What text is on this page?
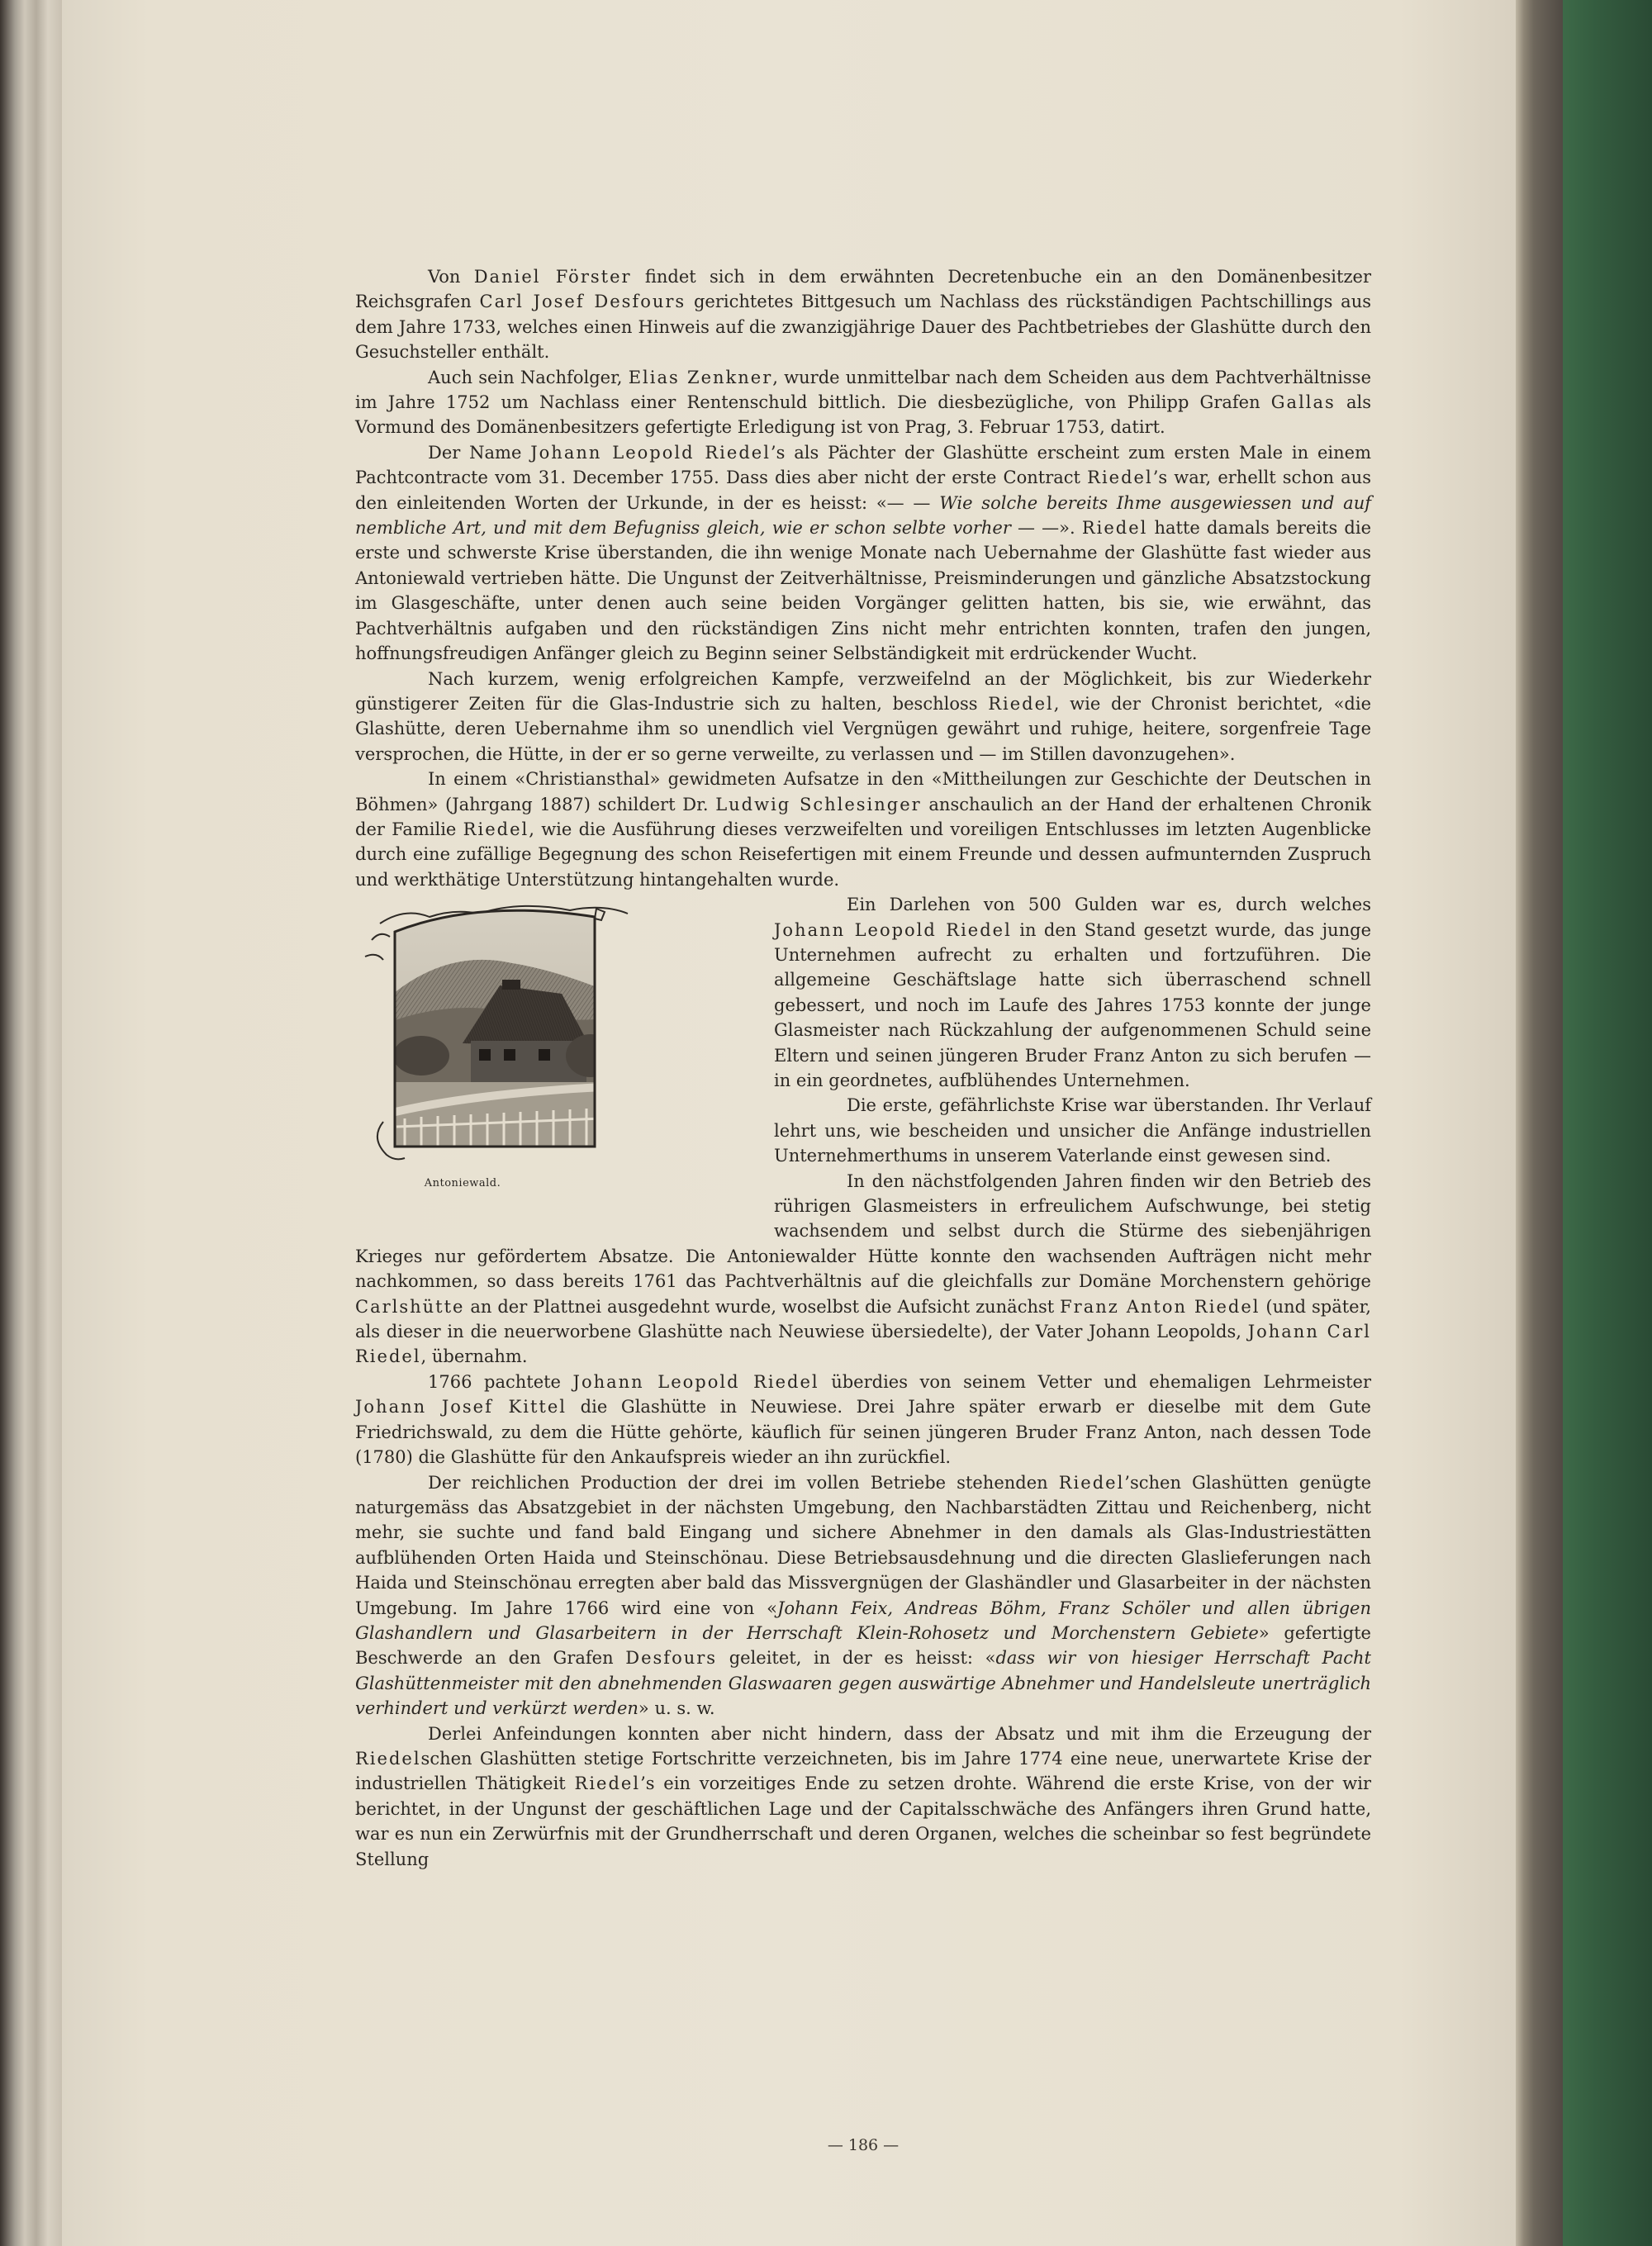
Von Daniel Förster findet sich in dem erwähnten Decretenbuche ein an den Domänenbesitzer Reichsgrafen Carl Josef Desfours gerichtetes Bittgesuch um Nachlass des rückständigen Pachtschillings aus dem Jahre 1733, welches einen Hinweis auf die zwanzigjährige Dauer des Pachtbetriebes der Glashütte durch den Gesuchsteller enthält.

Auch sein Nachfolger, Elias Zenkner, wurde unmittelbar nach dem Scheiden aus dem Pachtverhältnisse im Jahre 1752 um Nachlass einer Rentenschuld bittlich. Die diesbezügliche, von Philipp Grafen Gallas als Vormund des Domänenbesitzers gefertigte Erledigung ist von Prag, 3. Februar 1753, datirt.

Der Name Johann Leopold Riedel’s als Pächter der Glashütte erscheint zum ersten Male in einem Pachtcontracte vom 31. December 1755. Dass dies aber nicht der erste Contract Riedel’s war, erhellt schon aus den einleitenden Worten der Urkunde, in der es heisst: «— — Wie solche bereits Ihme ausgewiessen und auf nembliche Art, und mit dem Befugniss gleich, wie er schon selbte vorher — —». Riedel hatte damals bereits die erste und schwerste Krise überstanden, die ihn wenige Monate nach Uebernahme der Glashütte fast wieder aus Antoniewald vertrieben hätte. Die Ungunst der Zeitverhältnisse, Preisminderungen und gänzliche Absatzstockung im Glasgeschäfte, unter denen auch seine beiden Vorgänger gelitten hatten, bis sie, wie erwähnt, das Pachtverhältnis aufgaben und den rückständigen Zins nicht mehr entrichten konnten, trafen den jungen, hoffnungsfreudigen Anfänger gleich zu Beginn seiner Selbständigkeit mit erdrückender Wucht.

Nach kurzem, wenig erfolgreichen Kampfe, verzweifelnd an der Möglichkeit, bis zur Wiederkehr günstigerer Zeiten für die Glas-Industrie sich zu halten, beschloss Riedel, wie der Chronist berichtet, «die Glashütte, deren Uebernahme ihm so unendlich viel Vergnügen gewährt und ruhige, heitere, sorgenfreie Tage versprochen, die Hütte, in der er so gerne verweilte, zu verlassen und — im Stillen davonzugehen».

In einem «Christiansthal» gewidmeten Aufsatze in den «Mittheilungen zur Geschichte der Deutschen in Böhmen» (Jahrgang 1887) schildert Dr. Ludwig Schlesinger anschaulich an der Hand der erhaltenen Chronik der Familie Riedel, wie die Ausführung dieses verzweifelten und voreiligen Entschlusses im letzten Augenblicke durch eine zufällige Begegnung des schon Reisefertigen mit einem Freunde und dessen aufmunternden Zuspruch und werkthätige Unterstützung hintangehalten wurde.

Antoniewald.

Ein Darlehen von 500 Gulden war es, durch welches Johann Leopold Riedel in den Stand gesetzt wurde, das junge Unternehmen aufrecht zu erhalten und fortzuführen. Die allgemeine Geschäftslage hatte sich überraschend schnell gebessert, und noch im Laufe des Jahres 1753 konnte der junge Glasmeister nach Rückzahlung der aufgenommenen Schuld seine Eltern und seinen jüngeren Bruder Franz Anton zu sich berufen — in ein geordnetes, aufblühendes Unternehmen.

Die erste, gefährlichste Krise war überstanden. Ihr Verlauf lehrt uns, wie bescheiden und unsicher die Anfänge industriellen Unternehmerthums in unserem Vaterlande einst gewesen sind.

In den nächstfolgenden Jahren finden wir den Betrieb des rührigen Glasmeisters in erfreulichem Aufschwunge, bei stetig wachsendem und selbst durch die Stürme des siebenjährigen Krieges nur gefördertem Absatze. Die Antoniewalder Hütte konnte den wachsenden Aufträgen nicht mehr nachkommen, so dass bereits 1761 das Pachtverhältnis auf die gleichfalls zur Domäne Morchenstern gehörige Carlshütte an der Plattnei ausgedehnt wurde, woselbst die Aufsicht zunächst Franz Anton Riedel (und später, als dieser in die neuerworbene Glashütte nach Neuwiese übersiedelte), der Vater Johann Leopolds, Johann Carl Riedel, übernahm.

1766 pachtete Johann Leopold Riedel überdies von seinem Vetter und ehemaligen Lehrmeister Johann Josef Kittel die Glashütte in Neuwiese. Drei Jahre später erwarb er dieselbe mit dem Gute Friedrichswald, zu dem die Hütte gehörte, käuflich für seinen jüngeren Bruder Franz Anton, nach dessen Tode (1780) die Glashütte für den Ankaufspreis wieder an ihn zurückfiel.

Der reichlichen Production der drei im vollen Betriebe stehenden Riedel’schen Glashütten genügte naturgemäss das Absatzgebiet in der nächsten Umgebung, den Nachbarstädten Zittau und Reichenberg, nicht mehr, sie suchte und fand bald Eingang und sichere Abnehmer in den damals als Glas-Industriestätten aufblühenden Orten Haida und Steinschönau. Diese Betriebsausdehnung und die directen Glaslieferungen nach Haida und Steinschönau erregten aber bald das Missvergnügen der Glashändler und Glasarbeiter in der nächsten Umgebung. Im Jahre 1766 wird eine von «Johann Feix, Andreas Böhm, Franz Schöler und allen übrigen Glashandlern und Glasarbeitern in der Herrschaft Klein-Rohosetz und Morchenstern Gebiete» gefertigte Beschwerde an den Grafen Desfours geleitet, in der es heisst: «dass wir von hiesiger Herrschaft Pacht Glashüttenmeister mit den abnehmenden Glaswaaren gegen auswärtige Abnehmer und Handelsleute unerträglich verhindert und verkürzt werden» u. s. w.

Derlei Anfeindungen konnten aber nicht hindern, dass der Absatz und mit ihm die Erzeugung der Riedelschen Glashütten stetige Fortschritte verzeichneten, bis im Jahre 1774 eine neue, unerwartete Krise der industriellen Thätigkeit Riedel’s ein vorzeitiges Ende zu setzen drohte. Während die erste Krise, von der wir berichtet, in der Ungunst der geschäftlichen Lage und der Capitalsschwäche des Anfängers ihren Grund hatte, war es nun ein Zerwürfnis mit der Grundherrschaft und deren Organen, welches die scheinbar so fest begründete Stellung

— 186 —
